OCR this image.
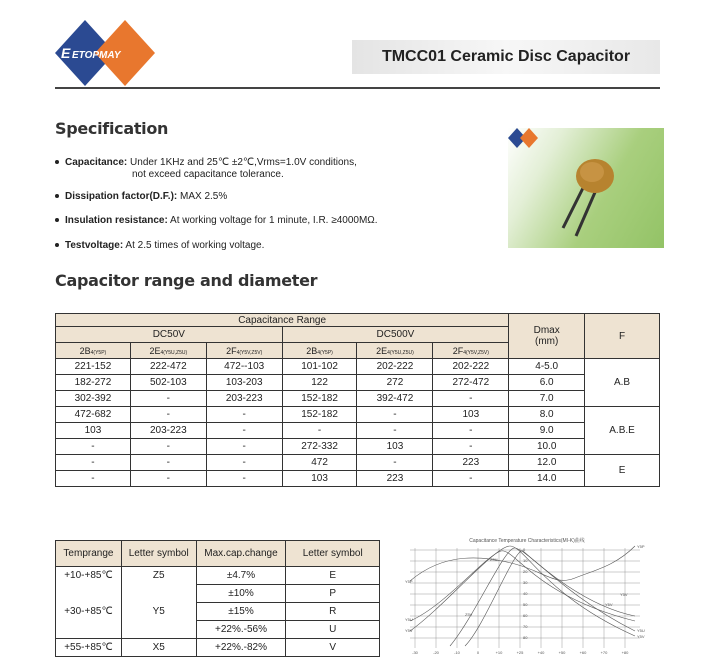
E ETOPMAY	TMCC01 Ceramic Disc Capacitor
Specification
Capacitance: Under 1KHz and 25℃ ±2℃,Vrms=1.0V conditions,
not exceed capacitance tolerance.
Dissipation factor(D.F.): MAX 2.5%
Insulation resistance: At working voltage for 1 minute, I.R. ≥4000MΩ.
Testvoltage: At 2.5 times of working voltage.
Capacitor range and diameter
Capacitance Range						Dmax
(mm)	F
DC50V			DC500V				
2B4(Y5P)	2E4(Y5U,Z5U)	2F4(Y5V,Z5V)	2B4(Y5P)	2E4(Y5U,Z5U)	2F4(Y5V,Z5V)		
221-152	222-472	472--103	101-102	202-222	202-222	4-5.0	A.B
182-272	502-103	103-203	122	272	272-472	6.0	
302-392	-	203-223	152-182	392-472	-	7.0	
472-682	-	-	152-182	-	103	8.0	A.B.E
103	203-223	-	-	-	-	9.0	
-	-	-	272-332	103	-	10.0	
-	-	-	472	-	223	12.0	E
-	-	-	103	223	-	14.0	
Temprange	Letter symbol	Max.cap.change	Letter symbol
+10-+85℃	Z5	±4.7%	E
		±10%	P
+30-+85℃	Y5	±15%	R
		+22%.-56%	U
+55-+85℃	X5	+22%.-82%	V
Capacitance Temperature Characteristics(MI-K)曲线
-30	-20	-10	0	+10	+25	+40	+50	+60	+70	+80
0
10
20
30
40
50
60
70
80
Y5P
Y5P
Y5U
Y5U
Y5V
Y5V
Z5U
Y5V
Y5V
Z5V
